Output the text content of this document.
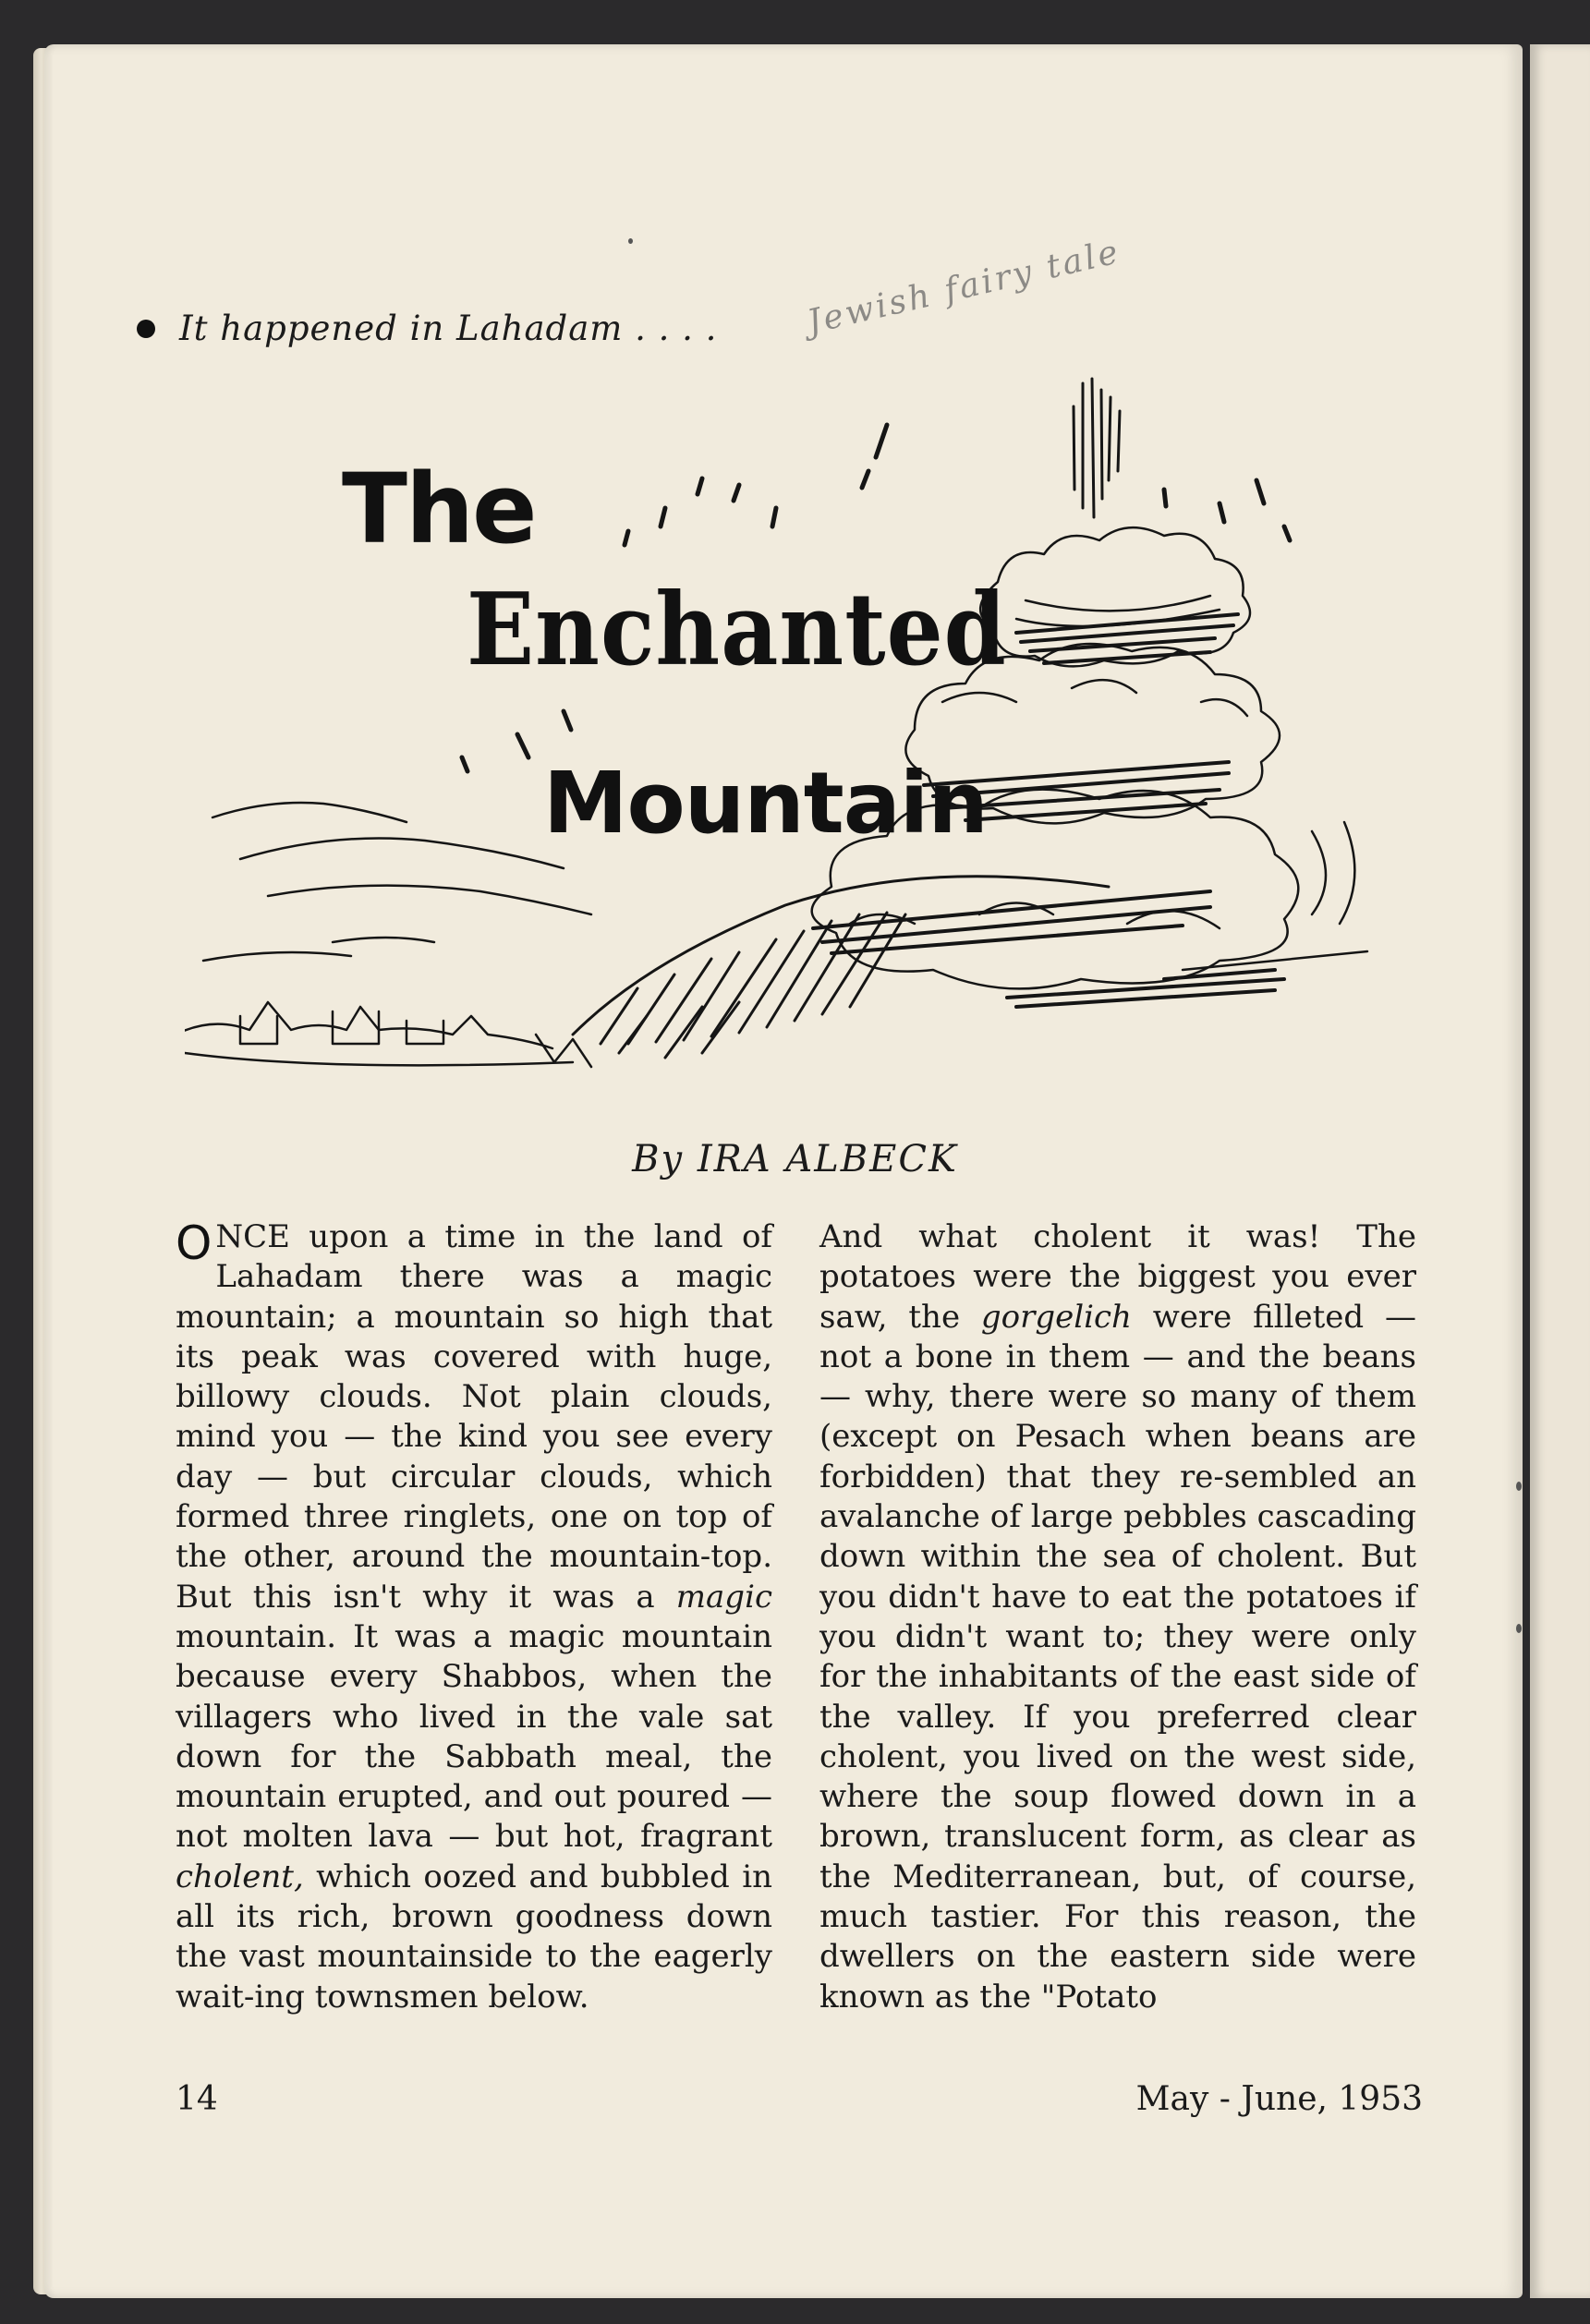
It happened in Lahadam . . . .	Jewish fairy tale
The
Enchanted
Mountain
By IRA ALBECK

O NCE upon a time in the land of Lahadam there was a magic mountain; a mountain so high that its peak was covered with huge, billowy clouds. Not plain clouds, mind you — the kind you see every day — but circular clouds, which formed three ringlets, one on top of the other, around the mountain-top. But this isn't why it was a magic mountain. It was a magic mountain because every Shabbos, when the villagers who lived in the vale sat down for the Sabbath meal, the mountain erupted, and out poured — not molten lava — but hot, fragrant cholent, which oozed and bubbled in all its rich, brown goodness down the vast mountainside to the eagerly wait-ing townsmen below.

And what cholent it was! The potatoes were the biggest you ever saw, the gorgelich were filleted — not a bone in them — and the beans — why, there were so many of them (except on Pesach when beans are forbidden) that they re-sembled an avalanche of large pebbles cascading down within the sea of cholent. But you didn't have to eat the potatoes if you didn't want to; they were only for the inhabitants of the east side of the valley. If you preferred clear cholent, you lived on the west side, where the soup flowed down in a brown, translucent form, as clear as the Mediterranean, but, of course, much tastier. For this reason, the dwellers on the eastern side were known as the "Potato

14	May - June, 1953
